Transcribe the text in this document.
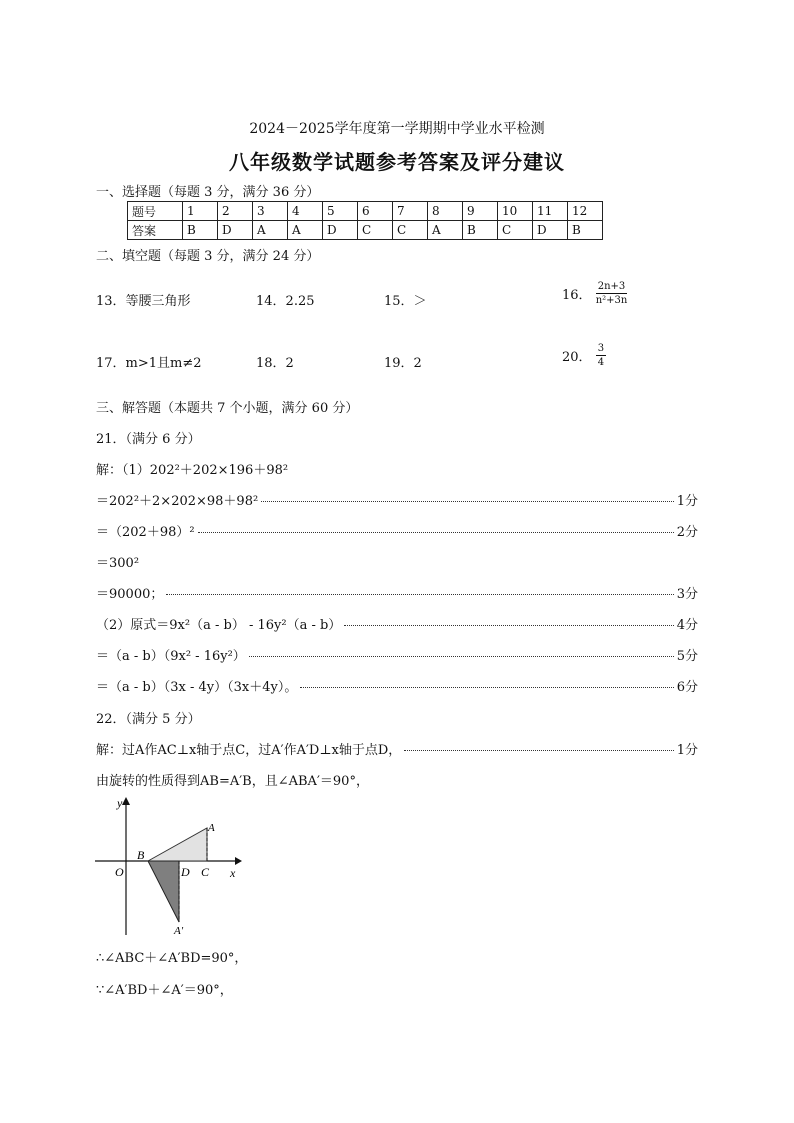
2024－2025学年度第一学期期中学业水平检测
八年级数学试题参考答案及评分建议
一、选择题（每题 3 分，满分 36 分）
题号	1	2	3	4	5	6	7	8	9	10	11	12
答案	B	D	A	A	D	C	C	A	B	C	D	B
二、填空题（每题 3 分，满分 24 分）
13．等腰三角形	14．2.25	15．＞	16． $\frac{2n+3}{\text{n²+3n}}$
17．m>1且m≠2	18．2	19．2	20． $\frac{3}{4}$
三、解答题（本题共 7 个小题，满分 60 分）
21．（满分 6 分）
解：（1）202²＋202×196＋98²
＝202²＋2×202×98＋98²	1分
＝（202＋98）²	2分
＝300²
＝90000；	3分
（2）原式＝9x²（a - b） - 16y²（a - b）	4分
＝（a - b）（9x² - 16y²）	5分
＝（a - b）（3x - 4y）（3x＋4y）。	6分
22．（满分 5 分）
解：过A作AC⊥x轴于点C，过A′作A′D⊥x轴于点D，	1分
由旋转的性质得到AB=A′B，且∠ABA′＝90°，
y
x
O
B
D C
A
A′
∴∠ABC＋∠A′BD=90°，
∵∠A′BD＋∠A′＝90°，
